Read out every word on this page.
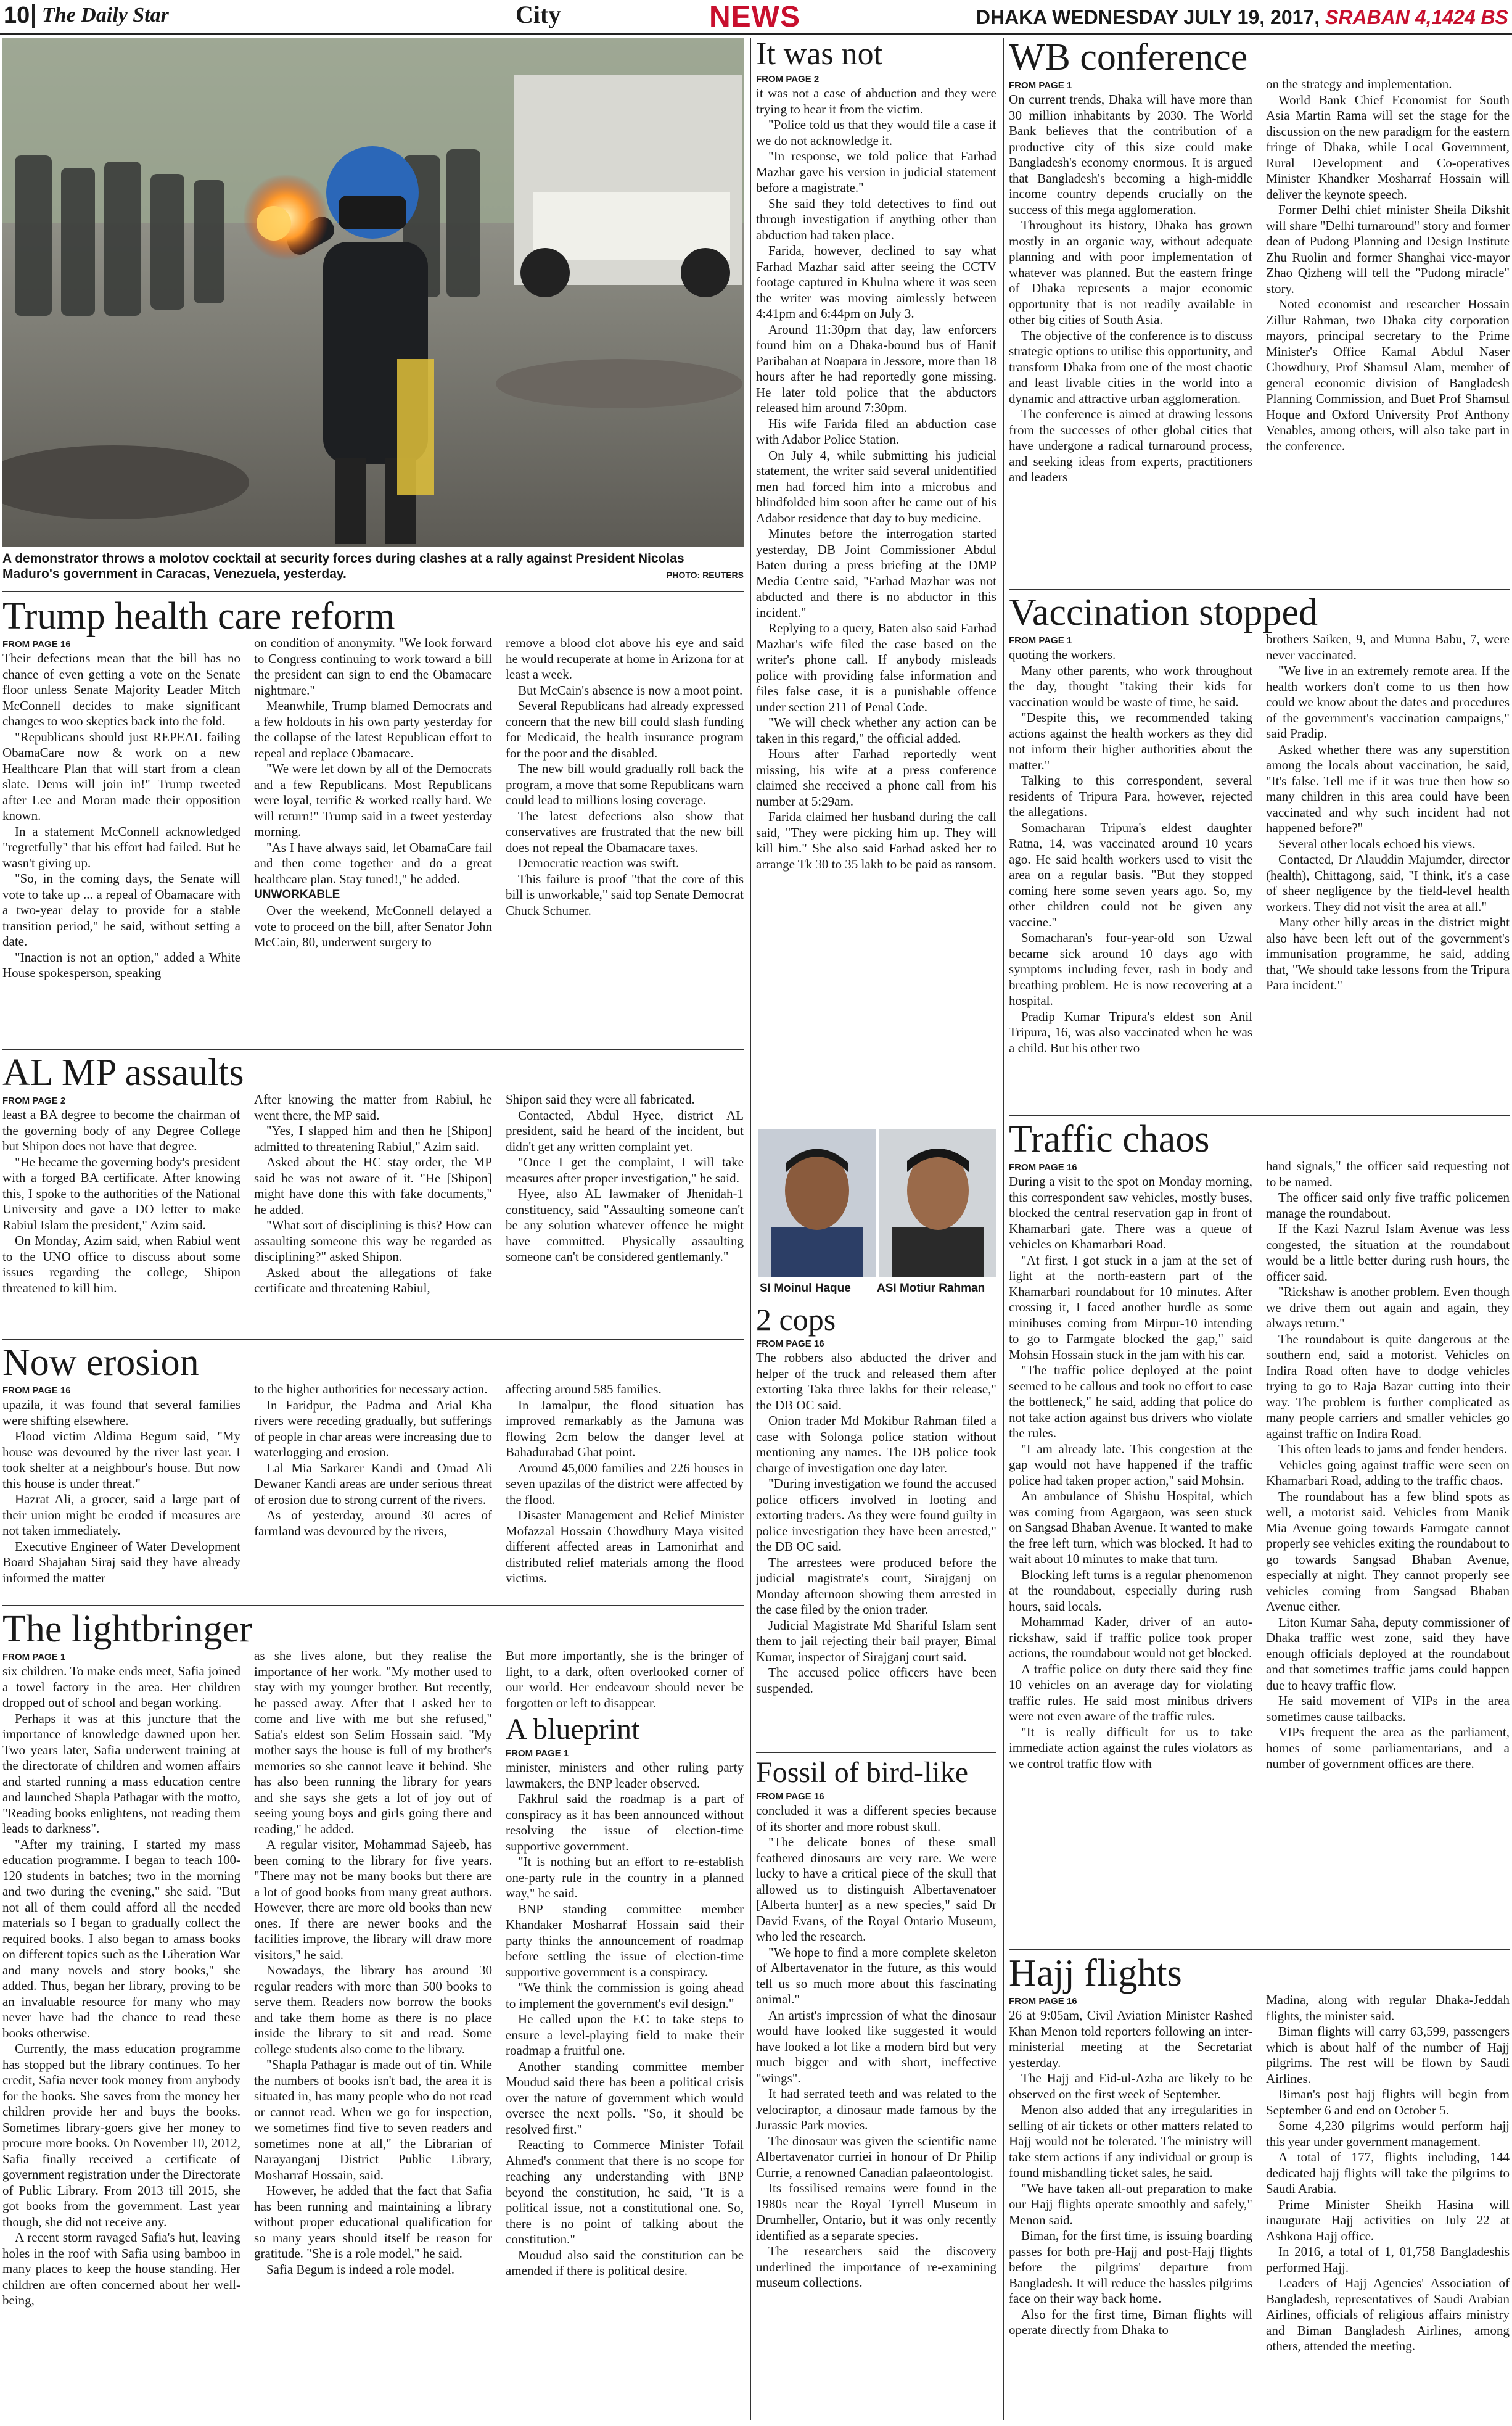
10 The Daily Star	City	NEWS	DHAKA WEDNESDAY JULY 19, 2017, SRABAN 4,1424 BS
A demonstrator throws a molotov cocktail at security forces during clashes at a rally against President Nicolas Maduro's government in Caracas, Venezuela, yesterday.	PHOTO: REUTERS
Trump health care reform
FROM PAGE 16

Their defections mean that the bill has no chance of even getting a vote on the Senate floor unless Senate Majority Leader Mitch McConnell decides to make significant changes to woo skeptics back into the fold.

"Republicans should just REPEAL failing ObamaCare now & work on a new Healthcare Plan that will start from a clean slate. Dems will join in!" Trump tweeted after Lee and Moran made their opposition known.

In a statement McConnell acknowledged "regretfully" that his effort had failed. But he wasn't giving up.

"So, in the coming days, the Senate will vote to take up ... a repeal of Obamacare with a two-year delay to provide for a stable transition period," he said, without setting a date.

"Inaction is not an option," added a White House spokesperson, speaking

on condition of anonymity. "We look forward to Congress continuing to work toward a bill the president can sign to end the Obamacare nightmare."

Meanwhile, Trump blamed Democrats and a few holdouts in his own party yesterday for the collapse of the latest Republican effort to repeal and replace Obamacare.

"We were let down by all of the Democrats and a few Republicans. Most Republicans were loyal, terrific & worked really hard. We will return!" Trump said in a tweet yesterday morning.

"As I have always said, let ObamaCare fail and then come together and do a great healthcare plan. Stay tuned!," he added.

UNWORKABLE

Over the weekend, McConnell delayed a vote to proceed on the bill, after Senator John McCain, 80, underwent surgery to

remove a blood clot above his eye and said he would recuperate at home in Arizona for at least a week.

But McCain's absence is now a moot point.

Several Republicans had already expressed concern that the new bill could slash funding for Medicaid, the health insurance program for the poor and the disabled.

The new bill would gradually roll back the program, a move that some Republicans warn could lead to millions losing coverage.

The latest defections also show that conservatives are frustrated that the new bill does not repeal the Obamacare taxes.

Democratic reaction was swift.

This failure is proof "that the core of this bill is unworkable," said top Senate Democrat Chuck Schumer.

AL MP assaults
FROM PAGE 2

least a BA degree to become the chairman of the governing body of any Degree College but Shipon does not have that degree.

"He became the governing body's president with a forged BA certificate. After knowing this, I spoke to the authorities of the National University and gave a DO letter to make Rabiul Islam the president," Azim said.

On Monday, Azim said, when Rabiul went to the UNO office to discuss about some issues regarding the college, Shipon threatened to kill him.

After knowing the matter from Rabiul, he went there, the MP said.

"Yes, I slapped him and then he [Shipon] admitted to threatening Rabiul," Azim said.

Asked about the HC stay order, the MP said he was not aware of it. "He [Shipon] might have done this with fake documents," he added.

"What sort of disciplining is this? How can assaulting someone this way be regarded as disciplining?" asked Shipon.

Asked about the allegations of fake certificate and threatening Rabiul,

Shipon said they were all fabricated.

Contacted, Abdul Hyee, district AL president, said he heard of the incident, but didn't get any written complaint yet.

"Once I get the complaint, I will take measures after proper investigation," he said.

Hyee, also AL lawmaker of Jhenidah-1 constituency, said "Assaulting someone can't be any solution whatever offence he might have committed. Physically assaulting someone can't be considered gentlemanly."

Now erosion
FROM PAGE 16

upazila, it was found that several families were shifting elsewhere.

Flood victim Aldima Begum said, "My house was devoured by the river last year. I took shelter at a neighbour's house. But now this house is under threat."

Hazrat Ali, a grocer, said a large part of their union might be eroded if measures are not taken immediately.

Executive Engineer of Water Development Board Shajahan Siraj said they have already informed the matter

to the higher authorities for necessary action.

In Faridpur, the Padma and Arial Kha rivers were receding gradually, but sufferings of people in char areas were increasing due to waterlogging and erosion.

Lal Mia Sarkarer Kandi and Omad Ali Dewaner Kandi areas are under serious threat of erosion due to strong current of the rivers.

As of yesterday, around 30 acres of farmland was devoured by the rivers,

affecting around 585 families.

In Jamalpur, the flood situation has improved remarkably as the Jamuna was flowing 2cm below the danger level at Bahadurabad Ghat point.

Around 45,000 families and 226 houses in seven upazilas of the district were affected by the flood.

Disaster Management and Relief Minister Mofazzal Hossain Chowdhury Maya visited different affected areas in Lamonirhat and distributed relief materials among the flood victims.

The lightbringer
FROM PAGE 1

six children. To make ends meet, Safia joined a towel factory in the area. Her children dropped out of school and began working.

Perhaps it was at this juncture that the importance of knowledge dawned upon her. Two years later, Safia underwent training at the directorate of children and women affairs and started running a mass education centre and launched Shapla Pathagar with the motto, "Reading books enlightens, not reading them leads to darkness".

"After my training, I started my mass education programme. I began to teach 100-120 students in batches; two in the morning and two during the evening," she said. "But not all of them could afford all the needed materials so I began to gradually collect the required books. I also began to amass books on different topics such as the Liberation War and many novels and story books," she added. Thus, began her library, proving to be an invaluable resource for many who may never have had the chance to read these books otherwise.

Currently, the mass education programme has stopped but the library continues. To her credit, Safia never took money from anybody for the books. She saves from the money her children provide her and buys the books. Sometimes library-goers give her money to procure more books. On November 10, 2012, Safia finally received a certificate of government registration under the Directorate of Public Library. From 2013 till 2015, she got books from the government. Last year though, she did not receive any.

A recent storm ravaged Safia's hut, leaving holes in the roof with Safia using bamboo in many places to keep the house standing. Her children are often concerned about her well-being,

as she lives alone, but they realise the importance of her work. "My mother used to stay with my younger brother. But recently, he passed away. After that I asked her to come and live with me but she refused," Safia's eldest son Selim Hossain said. "My mother says the house is full of my brother's memories so she cannot leave it behind. She has also been running the library for years and she says she gets a lot of joy out of seeing young boys and girls going there and reading," he added.

A regular visitor, Mohammad Sajeeb, has been coming to the library for five years. "There may not be many books but there are a lot of good books from many great authors. However, there are more old books than new ones. If there are newer books and the facilities improve, the library will draw more visitors," he said.

Nowadays, the library has around 30 regular readers with more than 500 books to serve them. Readers now borrow the books and take them home as there is no place inside the library to sit and read. Some college students also come to the library.

"Shapla Pathagar is made out of tin. While the numbers of books isn't bad, the area it is situated in, has many people who do not read or cannot read. When we go for inspection, we sometimes find five to seven readers and sometimes none at all," the Librarian of Narayanganj District Public Library, Mosharraf Hossain, said.

However, he added that the fact that Safia has been running and maintaining a library without proper educational qualification for so many years should itself be reason for gratitude. "She is a role model," he said.

Safia Begum is indeed a role model.

But more importantly, she is the bringer of light, to a dark, often overlooked corner of our world. Her endeavour should never be forgotten or left to disappear.

A blueprint
FROM PAGE 1

minister, ministers and other ruling party lawmakers, the BNP leader observed.

Fakhrul said the roadmap is a part of conspiracy as it has been announced without resolving the issue of election-time supportive government.

"It is nothing but an effort to re-establish one-party rule in the country in a planned way," he said.

BNP standing committee member Khandaker Mosharraf Hossain said their party thinks the announcement of roadmap before settling the issue of election-time supportive government is a conspiracy.

"We think the commission is going ahead to implement the government's evil design."

He called upon the EC to take steps to ensure a level-playing field to make their roadmap a fruitful one.

Another standing committee member Moudud said there has been a political crisis over the nature of government which would oversee the next polls. "So, it should be resolved first."

Reacting to Commerce Minister Tofail Ahmed's comment that there is no scope for reaching any understanding with BNP beyond the constitution, he said, "It is a political issue, not a constitutional one. So, there is no point of talking about the constitution."

Moudud also said the constitution can be amended if there is political desire.

It was not
FROM PAGE 2

it was not a case of abduction and they were trying to hear it from the victim.

"Police told us that they would file a case if we do not acknowledge it.

"In response, we told police that Farhad Mazhar gave his version in judicial statement before a magistrate."

She said they told detectives to find out through investigation if anything other than abduction had taken place.

Farida, however, declined to say what Farhad Mazhar said after seeing the CCTV footage captured in Khulna where it was seen the writer was moving aimlessly between 4:41pm and 6:44pm on July 3.

Around 11:30pm that day, law enforcers found him on a Dhaka-bound bus of Hanif Paribahan at Noapara in Jessore, more than 18 hours after he had reportedly gone missing. He later told police that the abductors released him around 7:30pm.

His wife Farida filed an abduction case with Adabor Police Station.

On July 4, while submitting his judicial statement, the writer said several unidentified men had forced him into a microbus and blindfolded him soon after he came out of his Adabor residence that day to buy medicine.

Minutes before the interrogation started yesterday, DB Joint Commissioner Abdul Baten during a press briefing at the DMP Media Centre said, "Farhad Mazhar was not abducted and there is no abductor in this incident."

Replying to a query, Baten also said Farhad Mazhar's wife filed the case based on the writer's phone call. If anybody misleads police with providing false information and files false case, it is a punishable offence under section 211 of Penal Code.

"We will check whether any action can be taken in this regard," the official added.

Hours after Farhad reportedly went missing, his wife at a press conference claimed she received a phone call from his number at 5:29am.

Farida claimed her husband during the call said, "They were picking him up. They will kill him." She also said Farhad asked her to arrange Tk 30 to 35 lakh to be paid as ransom.

SI Moinul Haque ASI Motiur Rahman
2 cops
FROM PAGE 16

The robbers also abducted the driver and helper of the truck and released them after extorting Taka three lakhs for their release," the DB OC said.

Onion trader Md Mokibur Rahman filed a case with Solonga police station without mentioning any names. The DB police took charge of investigation one day later.

"During investigation we found the accused police officers involved in looting and extorting traders. As they were found guilty in police investigation they have been arrested," the DB OC said.

The arrestees were produced before the judicial magistrate's court, Sirajganj on Monday afternoon showing them arrested in the case filed by the onion trader.

Judicial Magistrate Md Shariful Islam sent them to jail rejecting their bail prayer, Bimal Kumar, inspector of Sirajganj court said.

The accused police officers have been suspended.

Fossil of bird-like
FROM PAGE 16

concluded it was a different species because of its shorter and more robust skull.

"The delicate bones of these small feathered dinosaurs are very rare. We were lucky to have a critical piece of the skull that allowed us to distinguish Albertavenatoer [Alberta hunter] as a new species," said Dr David Evans, of the Royal Ontario Museum, who led the research.

"We hope to find a more complete skeleton of Albertavenator in the future, as this would tell us so much more about this fascinating animal."

An artist's impression of what the dinosaur would have looked like suggested it would have looked a lot like a modern bird but very much bigger and with short, ineffective "wings".

It had serrated teeth and was related to the velociraptor, a dinosaur made famous by the Jurassic Park movies.

The dinosaur was given the scientific name Albertavenator curriei in honour of Dr Philip Currie, a renowned Canadian palaeontologist.

Its fossilised remains were found in the 1980s near the Royal Tyrrell Museum in Drumheller, Ontario, but it was only recently identified as a separate species.

The researchers said the discovery underlined the importance of re-examining museum collections.

WB conference
FROM PAGE 1

On current trends, Dhaka will have more than 30 million inhabitants by 2030. The World Bank believes that the contribution of a productive city of this size could make Bangladesh's economy enormous. It is argued that Bangladesh's becoming a high-middle income country depends crucially on the success of this mega agglomeration.

Throughout its history, Dhaka has grown mostly in an organic way, without adequate planning and with poor implementation of whatever was planned. But the eastern fringe of Dhaka represents a major economic opportunity that is not readily available in other big cities of South Asia.

The objective of the conference is to discuss strategic options to utilise this opportunity, and transform Dhaka from one of the most chaotic and least livable cities in the world into a dynamic and attractive urban agglomeration.

The conference is aimed at drawing lessons from the successes of other global cities that have undergone a radical turnaround process, and seeking ideas from experts, practitioners and leaders

on the strategy and implementation.

World Bank Chief Economist for South Asia Martin Rama will set the stage for the discussion on the new paradigm for the eastern fringe of Dhaka, while Local Government, Rural Development and Co-operatives Minister Khandker Mosharraf Hossain will deliver the keynote speech.

Former Delhi chief minister Sheila Dikshit will share "Delhi turnaround" story and former dean of Pudong Planning and Design Institute Zhu Ruolin and former Shanghai vice-mayor Zhao Qizheng will tell the "Pudong miracle" story.

Noted economist and researcher Hossain Zillur Rahman, two Dhaka city corporation mayors, principal secretary to the Prime Minister's Office Kamal Abdul Naser Chowdhury, Prof Shamsul Alam, member of general economic division of Bangladesh Planning Commission, and Buet Prof Shamsul Hoque and Oxford University Prof Anthony Venables, among others, will also take part in the conference.

Vaccination stopped
FROM PAGE 1

quoting the workers.

Many other parents, who work throughout the day, thought "taking their kids for vaccination would be waste of time, he said.

"Despite this, we recommended taking actions against the health workers as they did not inform their higher authorities about the matter."

Talking to this correspondent, several residents of Tripura Para, however, rejected the allegations.

Somacharan Tripura's eldest daughter Ratna, 14, was vaccinated around 10 years ago. He said health workers used to visit the area on a regular basis. "But they stopped coming here some seven years ago. So, my other children could not be given any vaccine."

Somacharan's four-year-old son Uzwal became sick around 10 days ago with symptoms including fever, rash in body and breathing problem. He is now recovering at a hospital.

Pradip Kumar Tripura's eldest son Anil Tripura, 16, was also vaccinated when he was a child. But his other two

brothers Saiken, 9, and Munna Babu, 7, were never vaccinated.

"We live in an extremely remote area. If the health workers don't come to us then how could we know about the dates and procedures of the government's vaccination campaigns," said Pradip.

Asked whether there was any superstition among the locals about vaccination, he said, "It's false. Tell me if it was true then how so many children in this area could have been vaccinated and why such incident had not happened before?"

Several other locals echoed his views.

Contacted, Dr Alauddin Majumder, director (health), Chittagong, said, "I think, it's a case of sheer negligence by the field-level health workers. They did not visit the area at all."

Many other hilly areas in the district might also have been left out of the government's immunisation programme, he said, adding that, "We should take lessons from the Tripura Para incident."

Traffic chaos
FROM PAGE 16

During a visit to the spot on Monday morning, this correspondent saw vehicles, mostly buses, blocked the central reservation gap in front of Khamarbari gate. There was a queue of vehicles on Khamarbari Road.

"At first, I got stuck in a jam at the set of light at the north-eastern part of the Khamarbari roundabout for 10 minutes. After crossing it, I faced another hurdle as some minibuses coming from Mirpur-10 intending to go to Farmgate blocked the gap," said Mohsin Hossain stuck in the jam with his car.

"The traffic police deployed at the point seemed to be callous and took no effort to ease the bottleneck," he said, adding that police do not take action against bus drivers who violate the rules.

"I am already late. This congestion at the gap would not have happened if the traffic police had taken proper action," said Mohsin.

An ambulance of Shishu Hospital, which was coming from Agargaon, was seen stuck on Sangsad Bhaban Avenue. It wanted to make the free left turn, which was blocked. It had to wait about 10 minutes to make that turn.

Blocking left turns is a regular phenomenon at the roundabout, especially during rush hours, said locals.

Mohammad Kader, driver of an auto-rickshaw, said if traffic police took proper actions, the roundabout would not get blocked.

A traffic police on duty there said they fine 10 vehicles on an average day for violating traffic rules. He said most minibus drivers were not even aware of the traffic rules.

"It is really difficult for us to take immediate action against the rules violators as we control traffic flow with

hand signals," the officer said requesting not to be named.

The officer said only five traffic policemen manage the roundabout.

If the Kazi Nazrul Islam Avenue was less congested, the situation at the roundabout would be a little better during rush hours, the officer said.

"Rickshaw is another problem. Even though we drive them out again and again, they always return."

The roundabout is quite dangerous at the southern end, said a motorist. Vehicles on Indira Road often have to dodge vehicles trying to go to Raja Bazar cutting into their way. The problem is further complicated as many people carriers and smaller vehicles go against traffic on Indira Road.

This often leads to jams and fender benders.

Vehicles going against traffic were seen on Khamarbari Road, adding to the traffic chaos.

The roundabout has a few blind spots as well, a motorist said. Vehicles from Manik Mia Avenue going towards Farmgate cannot properly see vehicles exiting the roundabout to go towards Sangsad Bhaban Avenue, especially at night. They cannot properly see vehicles coming from Sangsad Bhaban Avenue either.

Liton Kumar Saha, deputy commissioner of Dhaka traffic west zone, said they have enough officials deployed at the roundabout and that sometimes traffic jams could happen due to heavy traffic flow.

He said movement of VIPs in the area sometimes cause tailbacks.

VIPs frequent the area as the parliament, homes of some parliamentarians, and a number of government offices are there.

Hajj flights
FROM PAGE 16

26 at 9:05am, Civil Aviation Minister Rashed Khan Menon told reporters following an inter-ministerial meeting at the Secretariat yesterday.

The Hajj and Eid-ul-Azha are likely to be observed on the first week of September.

Menon also added that any irregularities in selling of air tickets or other matters related to Hajj would not be tolerated. The ministry will take stern actions if any individual or group is found mishandling ticket sales, he said.

"We have taken all-out preparation to make our Hajj flights operate smoothly and safely," Menon said.

Biman, for the first time, is issuing boarding passes for both pre-Hajj and post-Hajj flights before the pilgrims' departure from Bangladesh. It will reduce the hassles pilgrims face on their way back home.

Also for the first time, Biman flights will operate directly from Dhaka to

Madina, along with regular Dhaka-Jeddah flights, the minister said.

Biman flights will carry 63,599, passengers which is about half of the number of Hajj pilgrims. The rest will be flown by Saudi Airlines.

Biman's post hajj flights will begin from September 6 and end on October 5.

Some 4,230 pilgrims would perform hajj this year under government management.

A total of 177, flights including, 144 dedicated hajj flights will take the pilgrims to Saudi Arabia.

Prime Minister Sheikh Hasina will inaugurate Hajj activities on July 22 at Ashkona Hajj office.

In 2016, a total of 1, 01,758 Bangladeshis performed Hajj.

Leaders of Hajj Agencies' Association of Bangladesh, representatives of Saudi Arabian Airlines, officials of religious affairs ministry and Biman Bangladesh Airlines, among others, attended the meeting.
